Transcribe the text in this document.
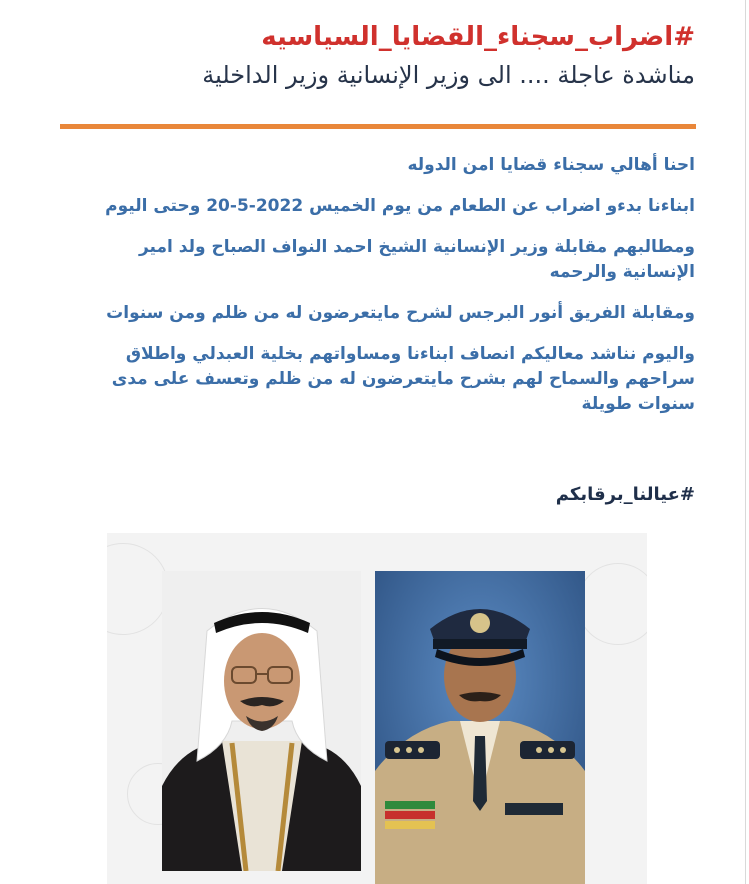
#اضراب_سجناء_القضايا_السياسيه
مناشدة عاجلة .... الى وزير الإنسانية وزير الداخلية

احنا أهالي سجناء قضايا امن الدوله

ابناءنا بدءو اضراب عن الطعام من يوم الخميس 2022-5-20 وحتى اليوم

ومطالبهم مقابلة وزير الإنسانية الشيخ احمد النواف الصباح ولد امير الإنسانية والرحمه

ومقابلة الفريق أنور البرجس لشرح مايتعرضون له من ظلم ومن سنوات

واليوم نناشد معاليكم انصاف ابناءنا ومساواتهم بخلية العبدلي واطلاق سراحهم والسماح لهم بشرح مايتعرضون له من ظلم وتعسف على مدى سنوات طويلة

#عيالنا_برقابكم
